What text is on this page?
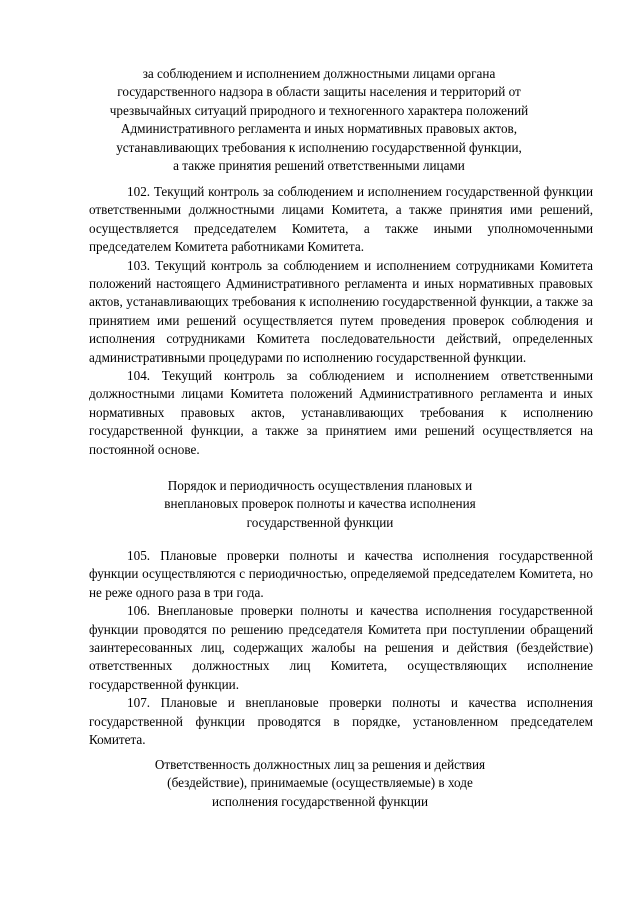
за соблюдением и исполнением должностными лицами органа
государственного надзора в области защиты населения и территорий от
чрезвычайных ситуаций природного и техногенного характера положений
Административного регламента и иных нормативных правовых актов,
устанавливающих требования к исполнению государственной функции,
а также принятия решений ответственными лицами

102. Текущий контроль за соблюдением и исполнением государственной функции ответственными должностными лицами Комитета, а также принятия ими решений, осуществляется председателем Комитета, а также иными уполномоченными председателем Комитета работниками Комитета.

103. Текущий контроль за соблюдением и исполнением сотрудниками Комитета положений настоящего Административного регламента и иных нормативных правовых актов, устанавливающих требования к исполнению государственной функции, а также за принятием ими решений осуществляется путем проведения проверок соблюдения и исполнения сотрудниками Комитета последовательности действий, определенных административными процедурами по исполнению государственной функции.

104. Текущий контроль за соблюдением и исполнением ответственными должностными лицами Комитета положений Административного регламента и иных нормативных правовых актов, устанавливающих требования к исполнению государственной функции, а также за принятием ими решений осуществляется на постоянной основе.

Порядок и периодичность осуществления плановых и
внеплановых проверок полноты и качества исполнения
государственной функции

105. Плановые проверки полноты и качества исполнения государственной функции осуществляются с периодичностью, определяемой председателем Комитета, но не реже одного раза в три года.

106. Внеплановые проверки полноты и качества исполнения государственной функции проводятся по решению председателя Комитета при поступлении обращений заинтересованных лиц, содержащих жалобы на решения и действия (бездействие) ответственных должностных лиц Комитета, осуществляющих исполнение государственной функции.

107. Плановые и внеплановые проверки полноты и качества исполнения государственной функции проводятся в порядке, установленном председателем Комитета.

Ответственность должностных лиц за решения и действия
(бездействие), принимаемые (осуществляемые) в ходе
исполнения государственной функции
